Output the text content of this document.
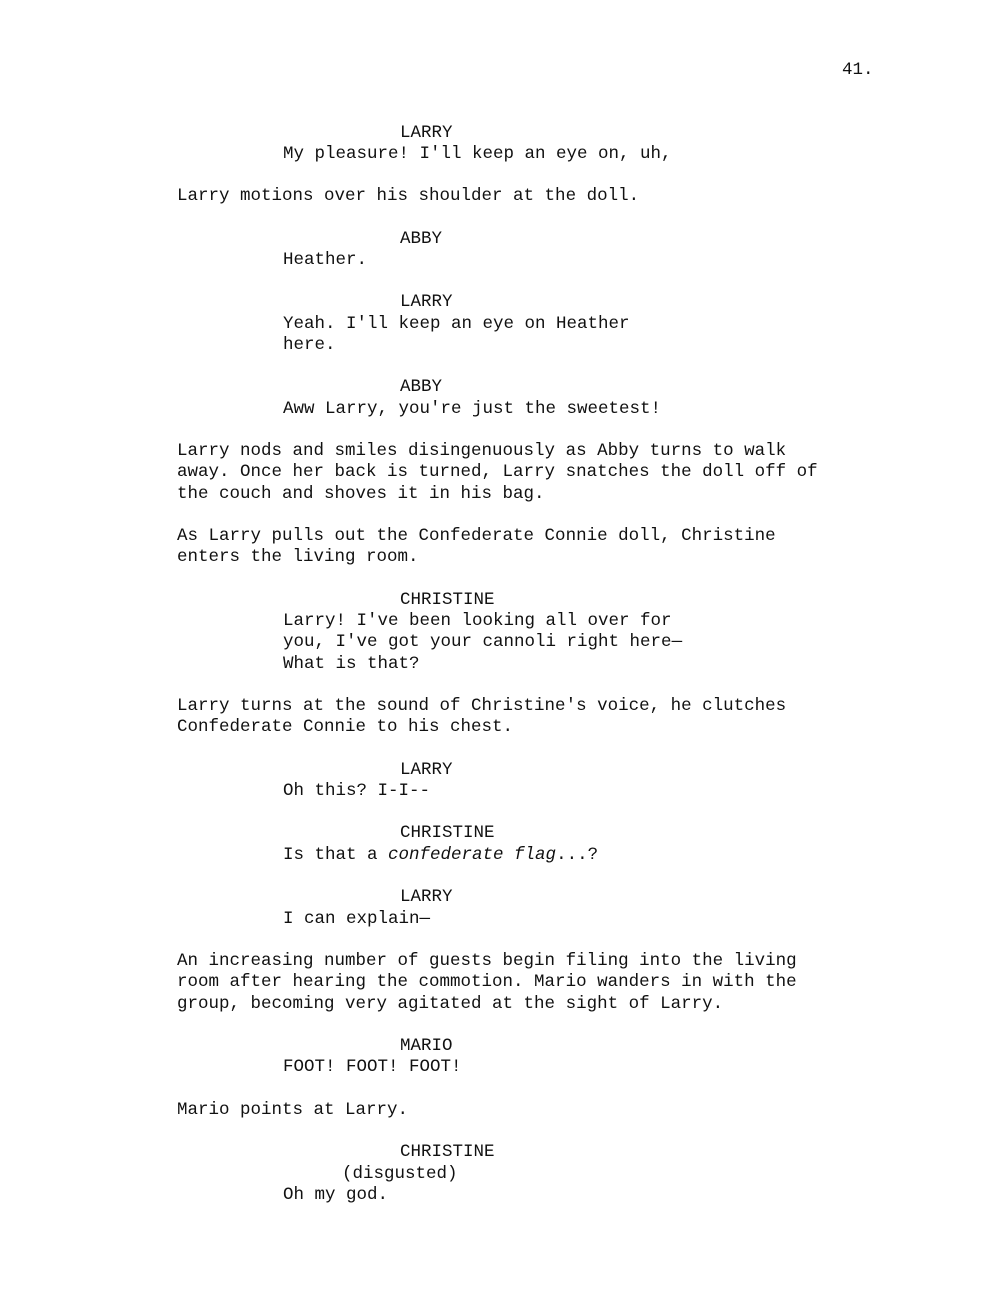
41.
LARRY
My pleasure! I'll keep an eye on, uh,
Larry motions over his shoulder at the doll.
ABBY
Heather.
LARRY
Yeah. I'll keep an eye on Heather
here.
ABBY
Aww Larry, you're just the sweetest!
Larry nods and smiles disingenuously as Abby turns to walk
away. Once her back is turned, Larry snatches the doll off of
the couch and shoves it in his bag.
As Larry pulls out the Confederate Connie doll, Christine
enters the living room.
CHRISTINE
Larry! I've been looking all over for
you, I've got your cannoli right here—
What is that?
Larry turns at the sound of Christine's voice, he clutches
Confederate Connie to his chest.
LARRY
Oh this? I-I--
CHRISTINE
Is that a confederate flag...?
LARRY
I can explain—
An increasing number of guests begin filing into the living
room after hearing the commotion. Mario wanders in with the
group, becoming very agitated at the sight of Larry.
MARIO
FOOT! FOOT! FOOT!
Mario points at Larry.
CHRISTINE
(disgusted)
Oh my god.
